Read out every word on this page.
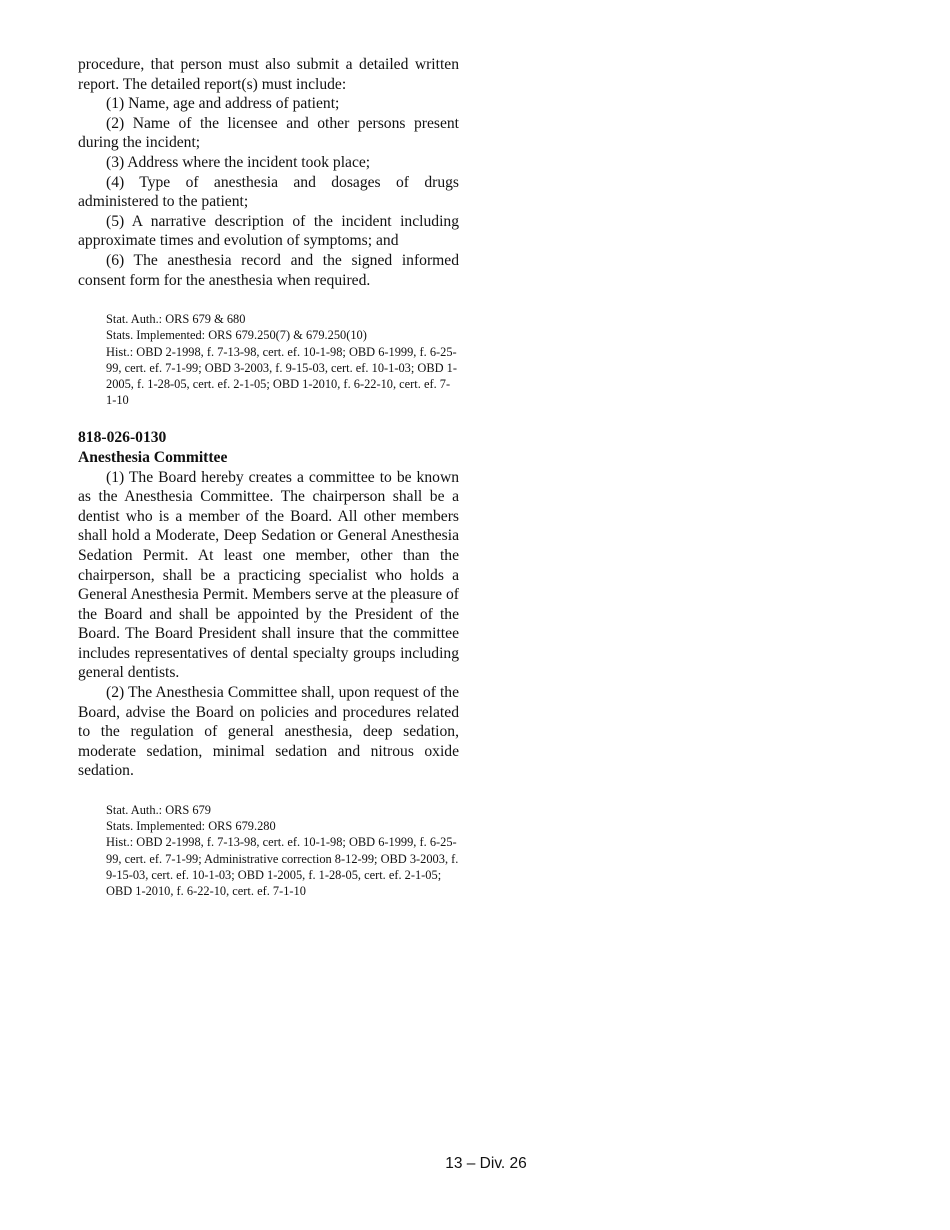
procedure, that person must also submit a detailed written report. The detailed report(s) must include:

(1) Name, age and address of patient;

(2) Name of the licensee and other persons present during the incident;

(3) Address where the incident took place;

(4) Type of anesthesia and dosages of drugs administered to the patient;

(5) A narrative description of the incident including approximate times and evolution of symptoms; and

(6) The anesthesia record and the signed informed consent form for the anesthesia when required.

Stat. Auth.: ORS 679 & 680
Stats. Implemented: ORS 679.250(7) & 679.250(10)
Hist.: OBD 2-1998, f. 7-13-98, cert. ef. 10-1-98; OBD 6-1999, f. 6-25-99, cert. ef. 7-1-99; OBD 3-2003, f. 9-15-03, cert. ef. 10-1-03; OBD 1-2005, f. 1-28-05, cert. ef. 2-1-05; OBD 1-2010, f. 6-22-10, cert. ef. 7-1-10
818-026-0130
Anesthesia Committee

(1) The Board hereby creates a committee to be known as the Anesthesia Committee. The chairperson shall be a dentist who is a member of the Board. All other members shall hold a Moderate, Deep Sedation or General Anesthesia Sedation Permit. At least one member, other than the chairperson, shall be a practicing specialist who holds a General Anesthesia Permit. Members serve at the pleasure of the Board and shall be appointed by the President of the Board. The Board President shall insure that the committee includes representatives of dental specialty groups including general dentists.

(2) The Anesthesia Committee shall, upon request of the Board, advise the Board on policies and procedures related to the regulation of general anesthesia, deep sedation, moderate sedation, minimal sedation and nitrous oxide sedation.

Stat. Auth.: ORS 679
Stats. Implemented: ORS 679.280
Hist.: OBD 2-1998, f. 7-13-98, cert. ef. 10-1-98; OBD 6-1999, f. 6-25-99, cert. ef. 7-1-99; Administrative correction 8-12-99; OBD 3-2003, f. 9-15-03, cert. ef. 10-1-03; OBD 1-2005, f. 1-28-05, cert. ef. 2-1-05; OBD 1-2010, f. 6-22-10, cert. ef. 7-1-10
13 – Div. 26
